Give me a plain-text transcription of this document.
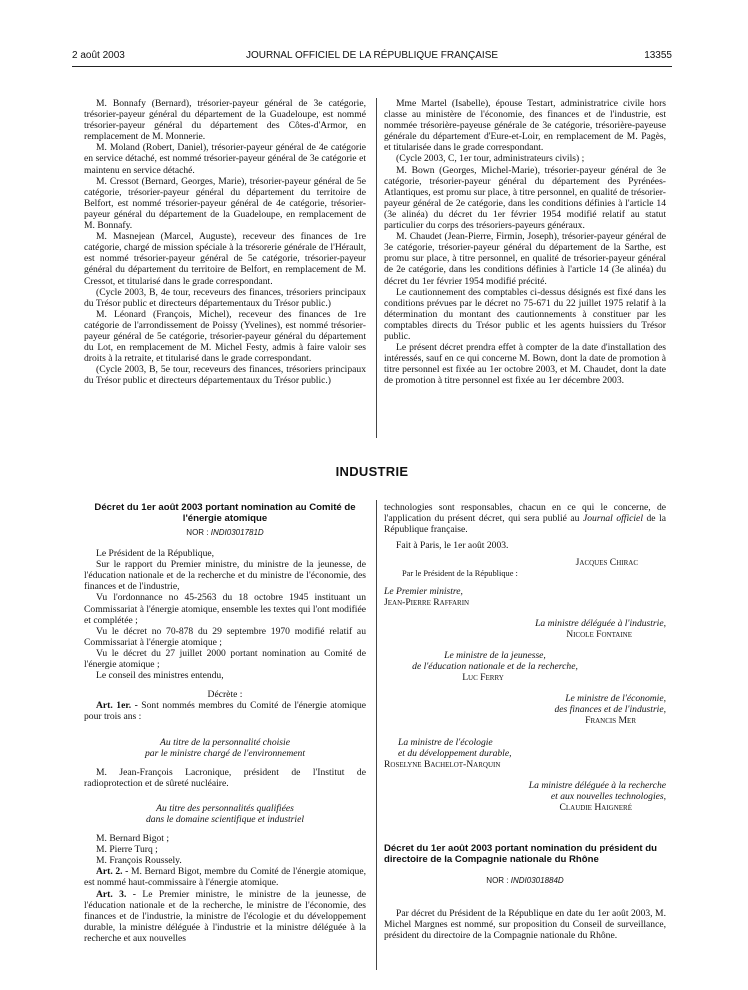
2 août 2003	JOURNAL OFFICIEL DE LA RÉPUBLIQUE FRANÇAISE	13355

M. Bonnafy (Bernard), trésorier-payeur général de 3e catégorie, trésorier-payeur général du département de la Guadeloupe, est nommé trésorier-payeur général du département des Côtes-d'Armor, en remplacement de M. Monnerie.

M. Moland (Robert, Daniel), trésorier-payeur général de 4e catégorie en service détaché, est nommé trésorier-payeur général de 3e catégorie et maintenu en service détaché.

M. Cressot (Bernard, Georges, Marie), trésorier-payeur général de 5e catégorie, trésorier-payeur général du département du territoire de Belfort, est nommé trésorier-payeur général de 4e catégorie, trésorier-payeur général du département de la Guadeloupe, en remplacement de M. Bonnafy.

M. Masnejean (Marcel, Auguste), receveur des finances de 1re catégorie, chargé de mission spéciale à la trésorerie générale de l'Hérault, est nommé trésorier-payeur général de 5e catégorie, trésorier-payeur général du département du territoire de Belfort, en remplacement de M. Cressot, et titularisé dans le grade correspondant.

(Cycle 2003, B, 4e tour, receveurs des finances, trésoriers principaux du Trésor public et directeurs départementaux du Trésor public.)

M. Léonard (François, Michel), receveur des finances de 1re catégorie de l'arrondissement de Poissy (Yvelines), est nommé trésorier-payeur général de 5e catégorie, trésorier-payeur général du département du Lot, en remplacement de M. Michel Festy, admis à faire valoir ses droits à la retraite, et titularisé dans le grade correspondant.

(Cycle 2003, B, 5e tour, receveurs des finances, trésoriers principaux du Trésor public et directeurs départementaux du Trésor public.)

Mme Martel (Isabelle), épouse Testart, administratrice civile hors classe au ministère de l'économie, des finances et de l'industrie, est nommée trésorière-payeuse générale de 3e catégorie, trésorière-payeuse générale du département d'Eure-et-Loir, en remplacement de M. Pagès, et titularisée dans le grade correspondant.

(Cycle 2003, C, 1er tour, administrateurs civils) ;

M. Bown (Georges, Michel-Marie), trésorier-payeur général de 3e catégorie, trésorier-payeur général du département des Pyrénées-Atlantiques, est promu sur place, à titre personnel, en qualité de trésorier-payeur général de 2e catégorie, dans les conditions définies à l'article 14 (3e alinéa) du décret du 1er février 1954 modifié relatif au statut particulier du corps des trésoriers-payeurs généraux.

M. Chaudet (Jean-Pierre, Firmin, Joseph), trésorier-payeur général de 3e catégorie, trésorier-payeur général du département de la Sarthe, est promu sur place, à titre personnel, en qualité de trésorier-payeur général de 2e catégorie, dans les conditions définies à l'article 14 (3e alinéa) du décret du 1er février 1954 modifié précité.

Le cautionnement des comptables ci-dessus désignés est fixé dans les conditions prévues par le décret no 75-671 du 22 juillet 1975 relatif à la détermination du montant des cautionnements à constituer par les comptables directs du Trésor public et les agents huissiers du Trésor public.

Le présent décret prendra effet à compter de la date d'installation des intéressés, sauf en ce qui concerne M. Bown, dont la date de promotion à titre personnel est fixée au 1er octobre 2003, et M. Chaudet, dont la date de promotion à titre personnel est fixée au 1er décembre 2003.

INDUSTRIE

Décret du 1er août 2003 portant nomination au Comité de l'énergie atomique

NOR : INDI0301781D

Le Président de la République,

Sur le rapport du Premier ministre, du ministre de la jeunesse, de l'éducation nationale et de la recherche et du ministre de l'économie, des finances et de l'industrie,

Vu l'ordonnance no 45-2563 du 18 octobre 1945 instituant un Commissariat à l'énergie atomique, ensemble les textes qui l'ont modifiée et complétée ;

Vu le décret no 70-878 du 29 septembre 1970 modifié relatif au Commissariat à l'énergie atomique ;

Vu le décret du 27 juillet 2000 portant nomination au Comité de l'énergie atomique ;

Le conseil des ministres entendu,

Décrète :

Art. 1er. - Sont nommés membres du Comité de l'énergie atomique pour trois ans :

Au titre de la personnalité choisie

par le ministre chargé de l'environnement

M. Jean-François Lacronique, président de l'Institut de radioprotection et de sûreté nucléaire.

Au titre des personnalités qualifiées

dans le domaine scientifique et industriel

M. Bernard Bigot ;

M. Pierre Turq ;

M. François Roussely.

Art. 2. - M. Bernard Bigot, membre du Comité de l'énergie atomique, est nommé haut-commissaire à l'énergie atomique.

Art. 3. - Le Premier ministre, le ministre de la jeunesse, de l'éducation nationale et de la recherche, le ministre de l'économie, des finances et de l'industrie, la ministre de l'écologie et du développement durable, la ministre déléguée à l'industrie et la ministre déléguée à la recherche et aux nouvelles

technologies sont responsables, chacun en ce qui le concerne, de l'application du présent décret, qui sera publié au Journal officiel de la République française.

Fait à Paris, le 1er août 2003.

Jacques Chirac

Par le Président de la République :

Le Premier ministre,

Jean-Pierre Raffarin

La ministre déléguée à l'industrie,

Nicole Fontaine

Le ministre de la jeunesse,

de l'éducation nationale et de la recherche,

Luc Ferry

Le ministre de l'économie,

des finances et de l'industrie,

Francis Mer

La ministre de l'écologie

et du développement durable,

Roselyne Bachelot-Narquin

La ministre déléguée à la recherche

et aux nouvelles technologies,

Claudie Haigneré

Décret du 1er août 2003 portant nomination du président du directoire de la Compagnie nationale du Rhône

NOR : INDI0301884D

Par décret du Président de la République en date du 1er août 2003, M. Michel Margnes est nommé, sur proposition du Conseil de surveillance, président du directoire de la Compagnie nationale du Rhône.
